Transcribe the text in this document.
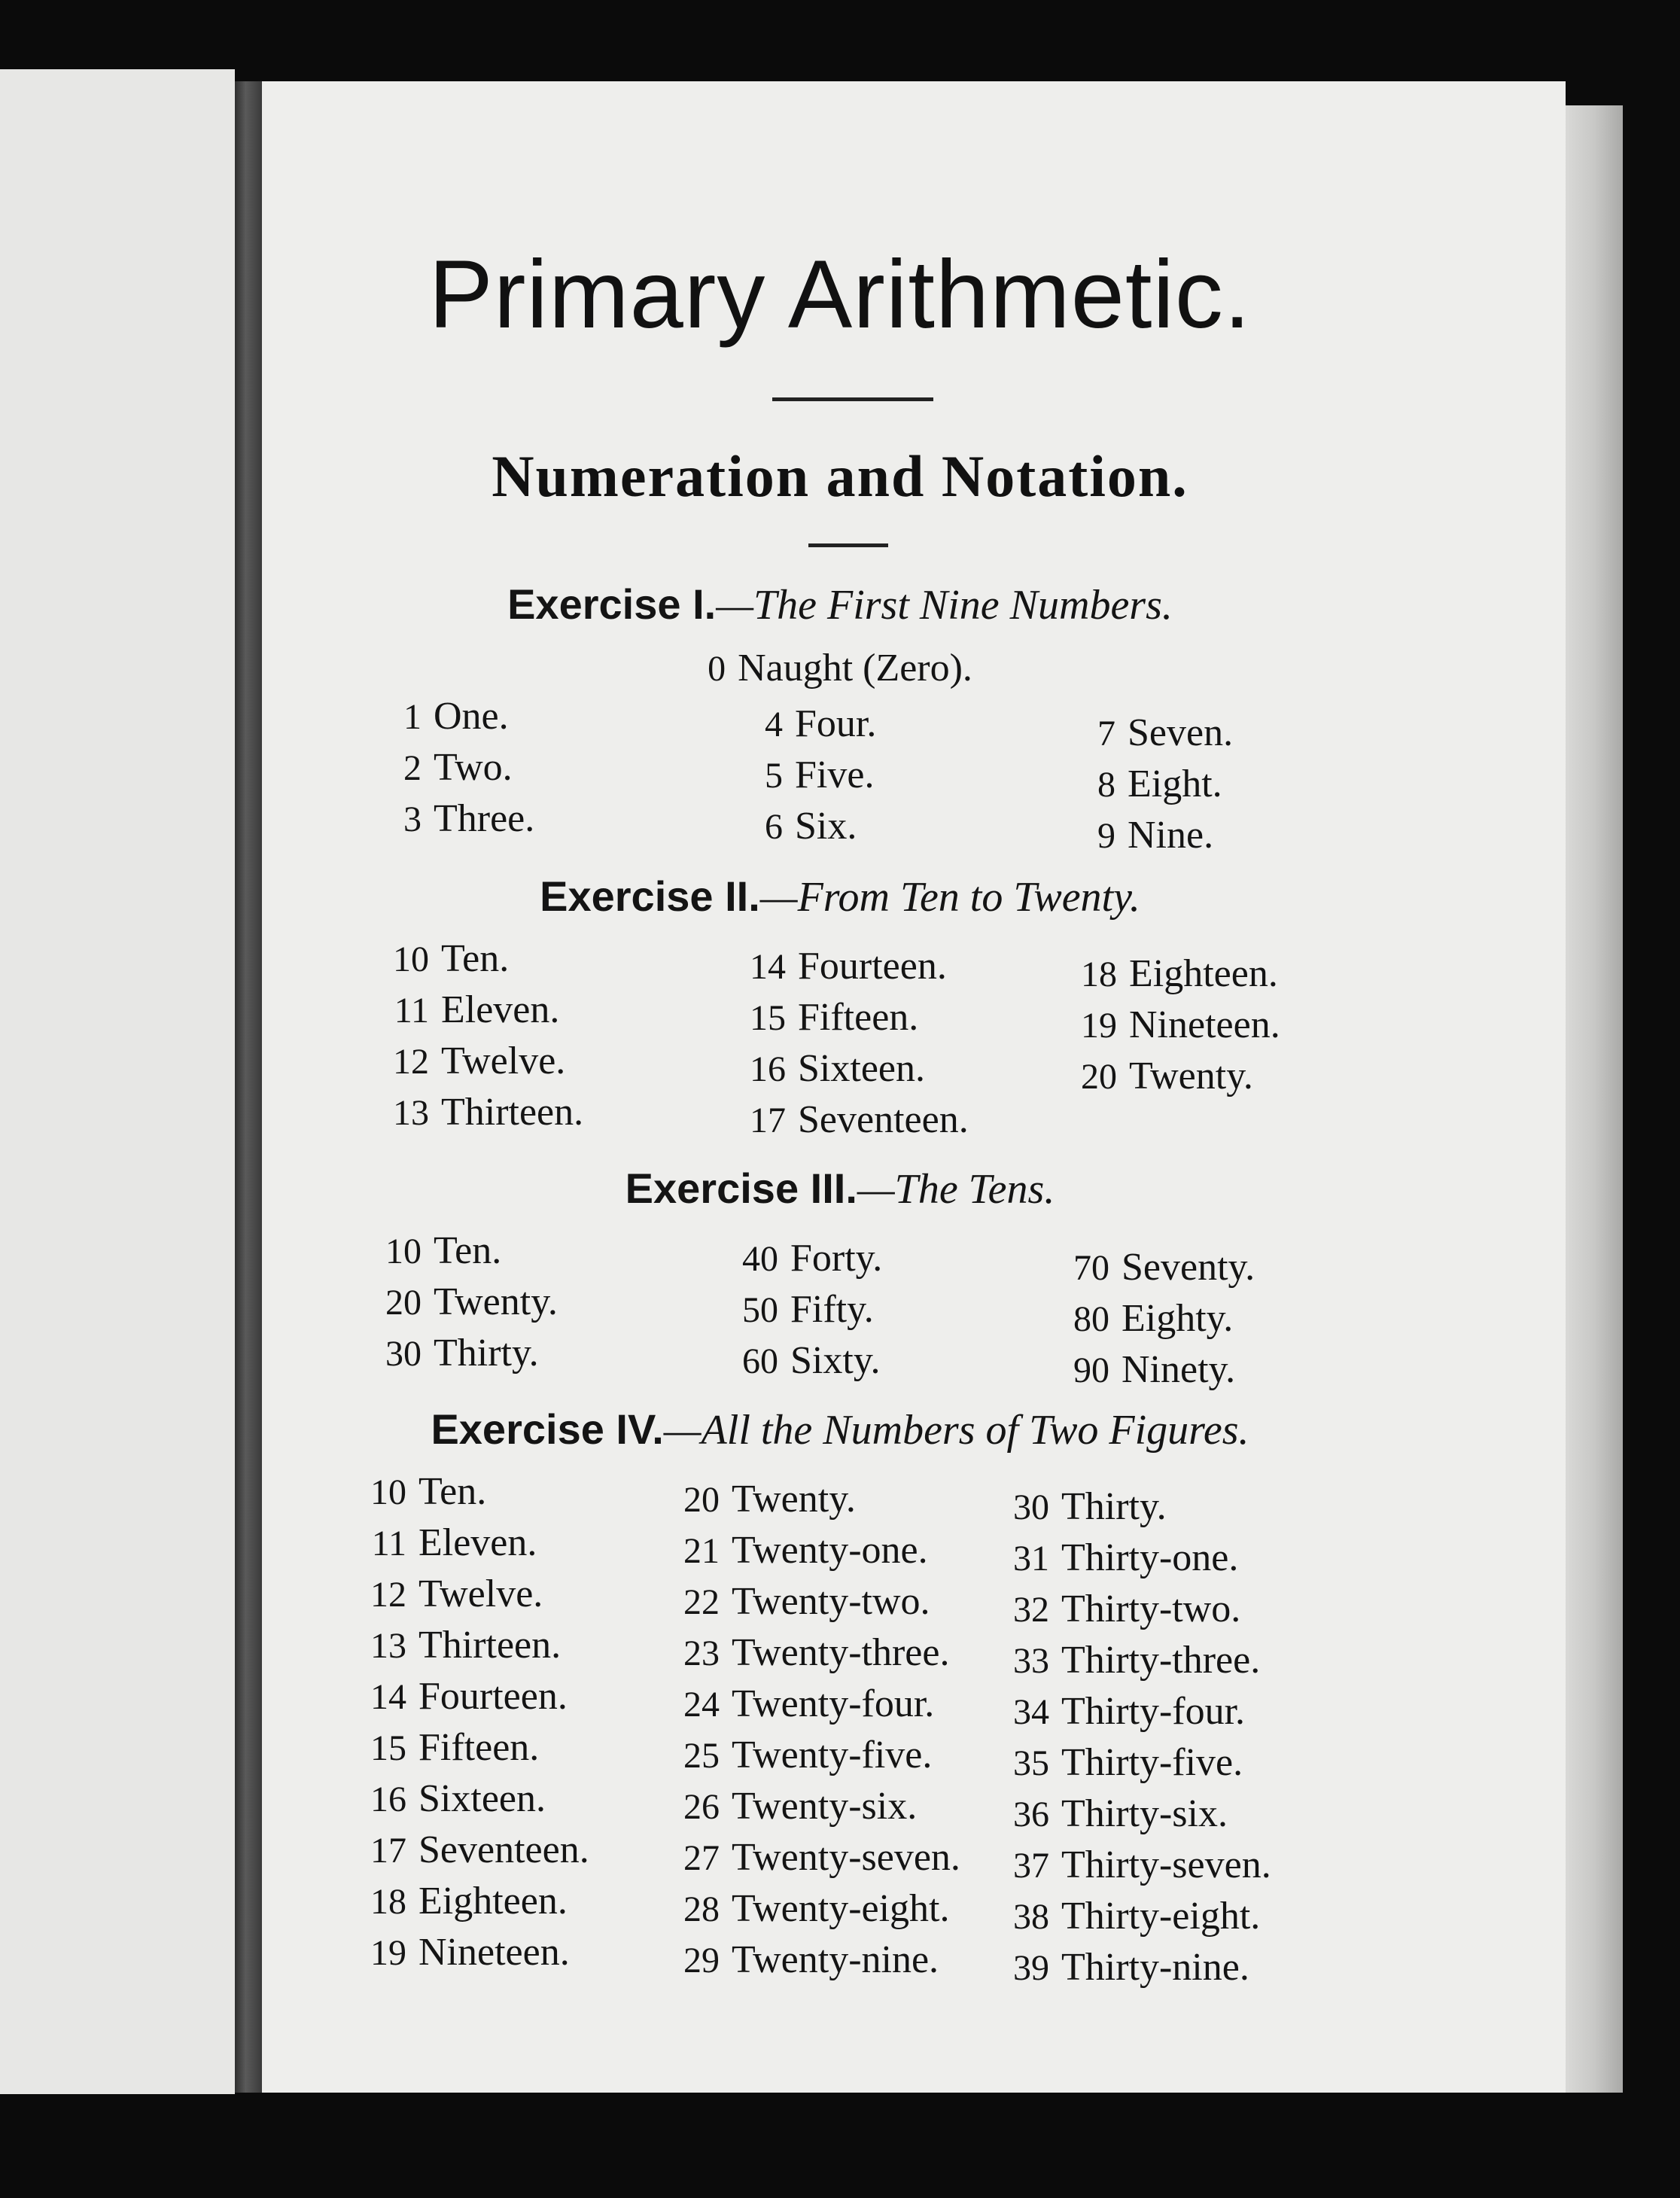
Primary Arithmetic.
Numeration and Notation.
Exercise I.—The First Nine Numbers.
0 Naught (Zero).
1 One.
2 Two.
3 Three.
4 Four.
5 Five.
6 Six.
7 Seven.
8 Eight.
9 Nine.
Exercise II.—From Ten to Twenty.
10 Ten.
11 Eleven.
12 Twelve.
13 Thirteen.
14 Fourteen.
15 Fifteen.
16 Sixteen.
17 Seventeen.
18 Eighteen.
19 Nineteen.
20 Twenty.
Exercise III.—The Tens.
10 Ten.
20 Twenty.
30 Thirty.
40 Forty.
50 Fifty.
60 Sixty.
70 Seventy.
80 Eighty.
90 Ninety.
Exercise IV.—All the Numbers of Two Figures.
10 Ten.
11 Eleven.
12 Twelve.
13 Thirteen.
14 Fourteen.
15 Fifteen.
16 Sixteen.
17 Seventeen.
18 Eighteen.
19 Nineteen.
20 Twenty.
21 Twenty-one.
22 Twenty-two.
23 Twenty-three.
24 Twenty-four.
25 Twenty-five.
26 Twenty-six.
27 Twenty-seven.
28 Twenty-eight.
29 Twenty-nine.
30 Thirty.
31 Thirty-one.
32 Thirty-two.
33 Thirty-three.
34 Thirty-four.
35 Thirty-five.
36 Thirty-six.
37 Thirty-seven.
38 Thirty-eight.
39 Thirty-nine.
